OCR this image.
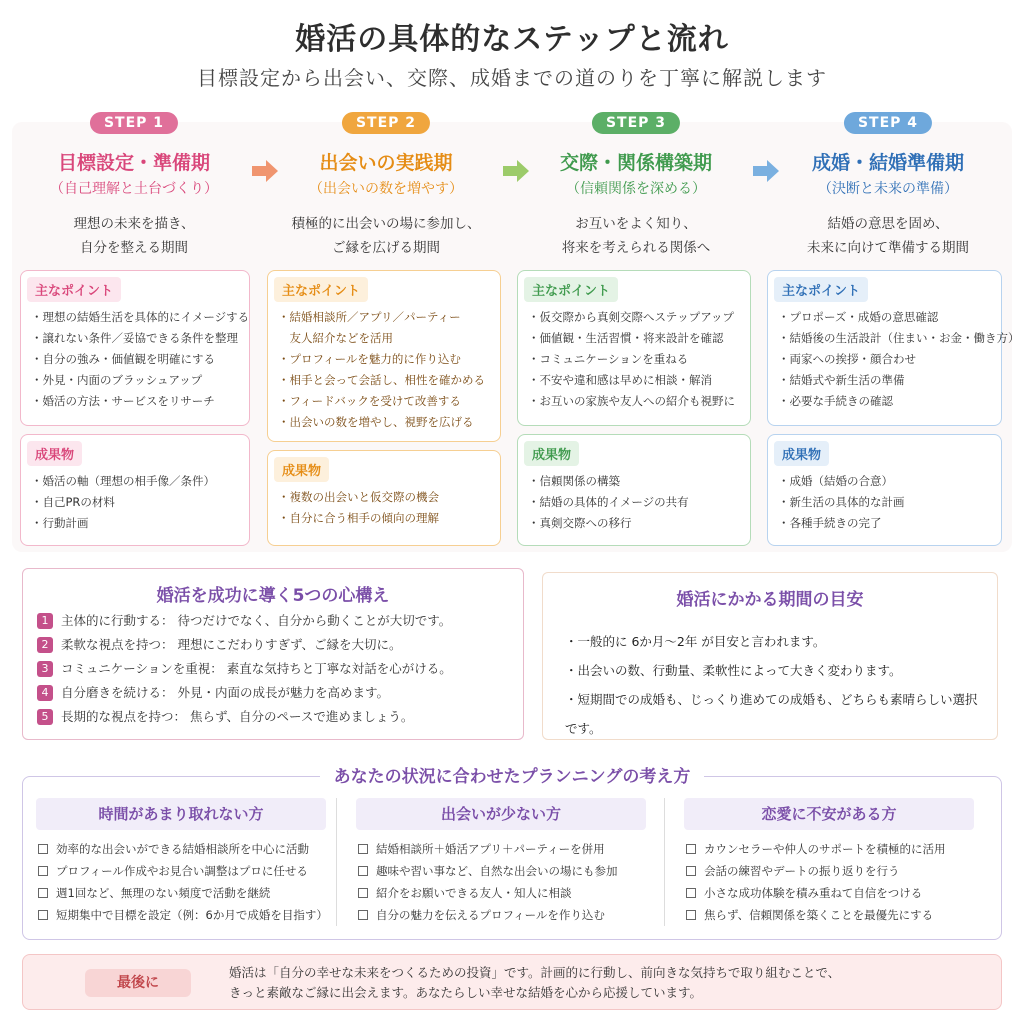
婚活の具体的なステップと流れ
目標設定から出会い、交際、成婚までの道のりを丁寧に解説します
STEP 1
目標設定・準備期
（自己理解と土台づくり）
理想の未来を描き、
自分を整える期間
主なポイント
・理想の結婚生活を具体的にイメージする
・譲れない条件／妥協できる条件を整理
・自分の強み・価値観を明確にする
・外見・内面のブラッシュアップ
・婚活の方法・サービスをリサーチ
成果物
・婚活の軸（理想の相手像／条件）
・自己PRの材料
・行動計画
STEP 2
出会いの実践期
（出会いの数を増やす）
積極的に出会いの場に参加し、
ご縁を広げる期間
主なポイント
・結婚相談所／アプリ／パーティー
　友人紹介などを活用
・プロフィールを魅力的に作り込む
・相手と会って会話し、相性を確かめる
・フィードバックを受けて改善する
・出会いの数を増やし、視野を広げる
成果物
・複数の出会いと仮交際の機会
・自分に合う相手の傾向の理解
STEP 3
交際・関係構築期
（信頼関係を深める）
お互いをよく知り、
将来を考えられる関係へ
主なポイント
・仮交際から真剣交際へステップアップ
・価値観・生活習慣・将来設計を確認
・コミュニケーションを重ねる
・不安や違和感は早めに相談・解消
・お互いの家族や友人への紹介も視野に
成果物
・信頼関係の構築
・結婚の具体的イメージの共有
・真剣交際への移行
STEP 4
成婚・結婚準備期
（決断と未来の準備）
結婚の意思を固め、
未来に向けて準備する期間
主なポイント
・プロポーズ・成婚の意思確認
・結婚後の生活設計（住まい・お金・働き方）
・両家への挨拶・顔合わせ
・結婚式や新生活の準備
・必要な手続きの確認
成果物
・成婚（結婚の合意）
・新生活の具体的な計画
・各種手続きの完了
婚活を成功に導く5つの心構え
1	主体的に行動する： 待つだけでなく、自分から動くことが大切です。
2	柔軟な視点を持つ： 理想にこだわりすぎず、ご縁を大切に。
3	コミュニケーションを重視： 素直な気持ちと丁寧な対話を心がける。
4	自分磨きを続ける： 外見・内面の成長が魅力を高めます。
5	長期的な視点を持つ： 焦らず、自分のペースで進めましょう。
婚活にかかる期間の目安
・一般的に 6か月〜2年 が目安と言われます。
・出会いの数、行動量、柔軟性によって大きく変わります。
・短期間での成婚も、じっくり進めての成婚も、どちらも素晴らしい選択です。
あなたの状況に合わせたプランニングの考え方
時間があまり取れない方
効率的な出会いができる結婚相談所を中心に活動
プロフィール作成やお見合い調整はプロに任せる
週1回など、無理のない頻度で活動を継続
短期集中で目標を設定（例：6か月で成婚を目指す）
出会いが少ない方
結婚相談所＋婚活アプリ＋パーティーを併用
趣味や習い事など、自然な出会いの場にも参加
紹介をお願いできる友人・知人に相談
自分の魅力を伝えるプロフィールを作り込む
恋愛に不安がある方
カウンセラーや仲人のサポートを積極的に活用
会話の練習やデートの振り返りを行う
小さな成功体験を積み重ねて自信をつける
焦らず、信頼関係を築くことを最優先にする
最後に
婚活は「自分の幸せな未来をつくるための投資」です。計画的に行動し、前向きな気持ちで取り組むことで、
きっと素敵なご縁に出会えます。あなたらしい幸せな結婚を心から応援しています。
